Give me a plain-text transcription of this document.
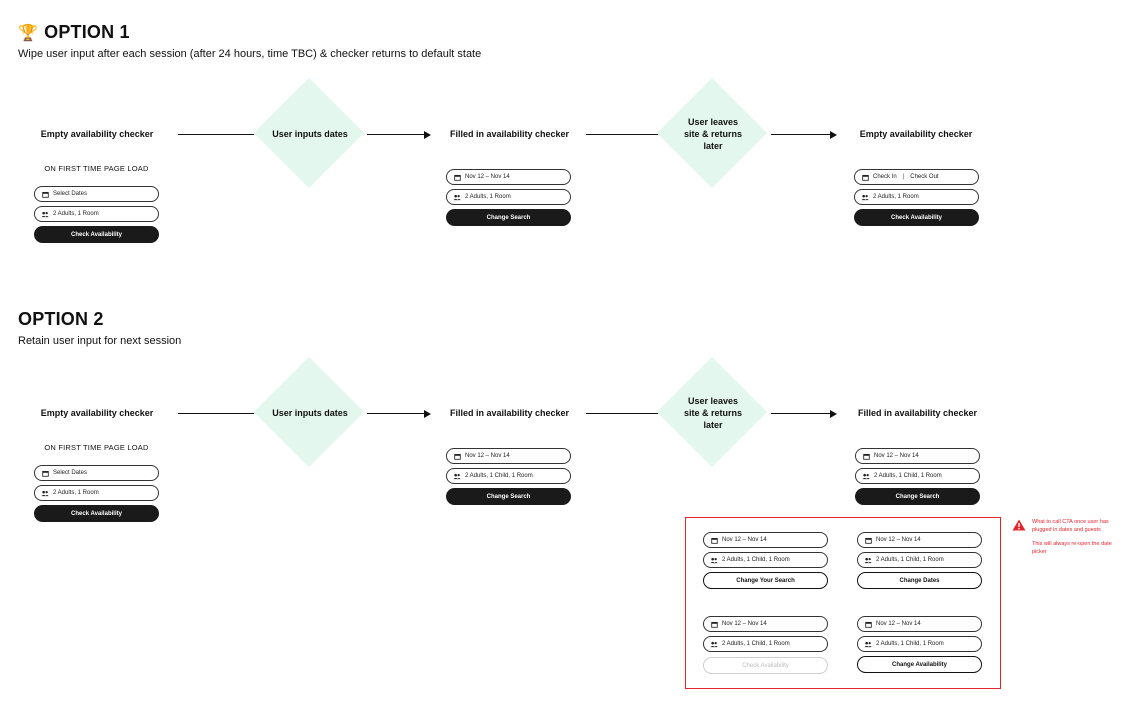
🏆 OPTION 1
Wipe user input after each session (after 24 hours, time TBC) & checker returns to default state
Empty availability checker	User inputs dates	Filled in availability checker
User leaves site & returns later
Empty availability checker
ON FIRST TIME PAGE LOAD
Select Dates
2 Adults, 1 Room
Check Availability
Nov 12 – Nov 14
2 Adults, 1 Room
Change Search
Check In | Check Out
2 Adults, 1 Room
Check Availability
OPTION 2
Retain user input for next session
Empty availability checker	User inputs dates	Filled in availability checker
User leaves site & returns later
Filled in availability checker
ON FIRST TIME PAGE LOAD
Select Dates
2 Adults, 1 Room
Check Availability
Nov 12 – Nov 14
2 Adults, 1 Child, 1 Room
Change Search
Nov 12 – Nov 14
2 Adults, 1 Child, 1 Room
Change Search
Nov 12 – Nov 14
2 Adults, 1 Child, 1 Room
Change Your Search
Nov 12 – Nov 14
2 Adults, 1 Child, 1 Room
Change Dates
Nov 12 – Nov 14
2 Adults, 1 Child, 1 Room
Check Availability
Nov 12 – Nov 14
2 Adults, 1 Child, 1 Room
Change Availability
What to call CTA once user has plugged in dates and guests
This will always re-open the date picker
